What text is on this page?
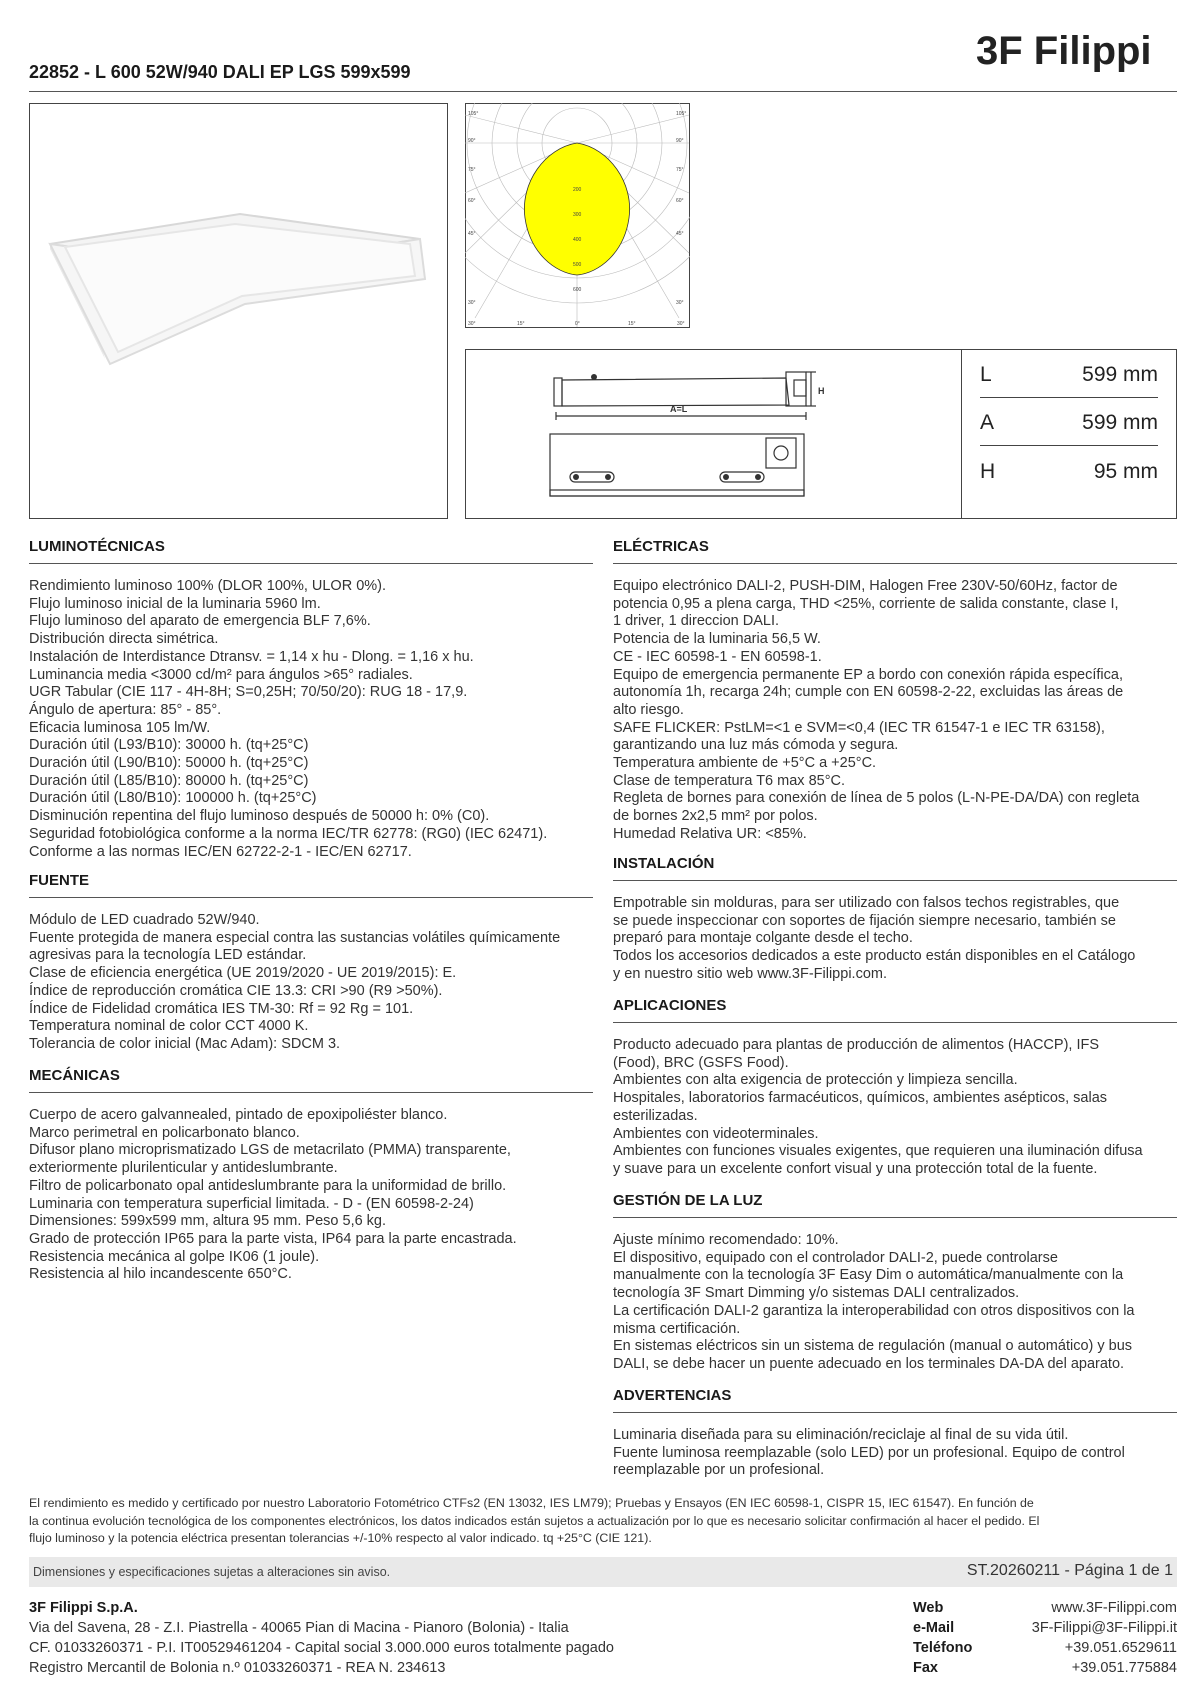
3F Filippi
22852 - L 600 52W/940 DALI EP LGS 599x599
105°
90°
75°
60°
45°
30°
105°
90°
75°
60°
45°
30°
30°	15°	0°	15°	30°
200
300
400
500
600
H
A=L
L	599 mm
A	599 mm
H	95 mm
LUMINOTÉCNICAS
Rendimiento luminoso 100% (DLOR 100%, ULOR 0%).
Flujo luminoso inicial de la luminaria 5960 lm.
Flujo luminoso del aparato de emergencia BLF 7,6%.
Distribución directa simétrica.
Instalación de Interdistance Dtransv. = 1,14 x hu - Dlong. = 1,16 x hu.
Luminancia media <3000 cd/m² para ángulos >65° radiales.
UGR Tabular (CIE 117 - 4H-8H; S=0,25H; 70/50/20): RUG 18 - 17,9.
Ángulo de apertura: 85° - 85°.
Eficacia luminosa 105 lm/W.
Duración útil (L93/B10): 30000 h. (tq+25°C)
Duración útil (L90/B10): 50000 h. (tq+25°C)
Duración útil (L85/B10): 80000 h. (tq+25°C)
Duración útil (L80/B10): 100000 h. (tq+25°C)
Disminución repentina del flujo luminoso después de 50000 h: 0% (C0).
Seguridad fotobiológica conforme a la norma IEC/TR 62778: (RG0) (IEC 62471).
Conforme a las normas IEC/EN 62722-2-1 - IEC/EN 62717.
FUENTE
Módulo de LED cuadrado 52W/940.
Fuente protegida de manera especial contra las sustancias volátiles químicamente
agresivas para la tecnología LED estándar.
Clase de eficiencia energética (UE 2019/2020 - UE 2019/2015): E.
Índice de reproducción cromática CIE 13.3: CRI >90 (R9 >50%).
Índice de Fidelidad cromática IES TM-30: Rf = 92 Rg = 101.
Temperatura nominal de color CCT 4000 K.
Tolerancia de color inicial (Mac Adam): SDCM 3.
MECÁNICAS
Cuerpo de acero galvannealed, pintado de epoxipoliéster blanco.
Marco perimetral en policarbonato blanco.
Difusor plano microprismatizado LGS de metacrilato (PMMA) transparente,
exteriormente plurilenticular y antideslumbrante.
Filtro de policarbonato opal antideslumbrante para la uniformidad de brillo.
Luminaria con temperatura superficial limitada. - D - (EN 60598-2-24)
Dimensiones: 599x599 mm, altura 95 mm. Peso 5,6 kg.
Grado de protección IP65 para la parte vista, IP64 para la parte encastrada.
Resistencia mecánica al golpe IK06 (1 joule).
Resistencia al hilo incandescente 650°C.
ELÉCTRICAS
Equipo electrónico DALI-2, PUSH-DIM, Halogen Free 230V-50/60Hz, factor de
potencia 0,95 a plena carga, THD <25%, corriente de salida constante, clase I,
1 driver, 1 direccion DALI.
Potencia de la luminaria 56,5 W.
CE - IEC 60598-1 - EN 60598-1.
Equipo de emergencia permanente EP a bordo con conexión rápida específica,
autonomía 1h, recarga 24h; cumple con EN 60598-2-22, excluidas las áreas de
alto riesgo.
SAFE FLICKER: PstLM=<1 e SVM=<0,4 (IEC TR 61547-1 e IEC TR 63158),
garantizando una luz más cómoda y segura.
Temperatura ambiente de +5°C a +25°C.
Clase de temperatura T6 max 85°C.
Regleta de bornes para conexión de línea de 5 polos (L-N-PE-DA/DA) con regleta
de bornes 2x2,5 mm² por polos.
Humedad Relativa UR: <85%.
INSTALACIÓN
Empotrable sin molduras, para ser utilizado con falsos techos registrables, que
se puede inspeccionar con soportes de fijación siempre necesario, también se
preparó para montaje colgante desde el techo.
Todos los accesorios dedicados a este producto están disponibles en el Catálogo
y en nuestro sitio web www.3F-Filippi.com.
APLICACIONES
Producto adecuado para plantas de producción de alimentos (HACCP), IFS
(Food), BRC (GSFS Food).
Ambientes con alta exigencia de protección y limpieza sencilla.
Hospitales, laboratorios farmacéuticos, químicos, ambientes asépticos, salas
esterilizadas.
Ambientes con videoterminales.
Ambientes con funciones visuales exigentes, que requieren una iluminación difusa
y suave para un excelente confort visual y una protección total de la fuente.
GESTIÓN DE LA LUZ
Ajuste mínimo recomendado: 10%.
El dispositivo, equipado con el controlador DALI-2, puede controlarse
manualmente con la tecnología 3F Easy Dim o automática/manualmente con la
tecnología 3F Smart Dimming y/o sistemas DALI centralizados.
La certificación DALI-2 garantiza la interoperabilidad con otros dispositivos con la
misma certificación.
En sistemas eléctricos sin un sistema de regulación (manual o automático) y bus
DALI, se debe hacer un puente adecuado en los terminales DA-DA del aparato.
ADVERTENCIAS
Luminaria diseñada para su eliminación/reciclaje al final de su vida útil.
Fuente luminosa reemplazable (solo LED) por un profesional. Equipo de control
reemplazable por un profesional.
El rendimiento es medido y certificado por nuestro Laboratorio Fotométrico CTFs2 (EN 13032, IES LM79); Pruebas y Ensayos (EN IEC 60598-1, CISPR 15, IEC 61547). En función de
la continua evolución tecnológica de los componentes electrónicos, los datos indicados están sujetos a actualización por lo que es necesario solicitar confirmación al hacer el pedido. El
flujo luminoso y la potencia eléctrica presentan tolerancias +/-10% respecto al valor indicado. tq +25°C (CIE 121).
Dimensiones y especificaciones sujetas a alteraciones sin aviso.	ST.20260211 - Página 1 de 1
3F Filippi S.p.A.
Via del Savena, 28 - Z.I. Piastrella - 40065 Pian di Macina - Pianoro (Bolonia) - Italia
CF. 01033260371 - P.I. IT00529461204 - Capital social 3.000.000 euros totalmente pagado
Registro Mercantil de Bolonia n.º 01033260371 - REA N. 234613
Web	www.3F-Filippi.com
e-Mail	3F-Filippi@3F-Filippi.it
Teléfono	+39.051.6529611
Fax	+39.051.775884
